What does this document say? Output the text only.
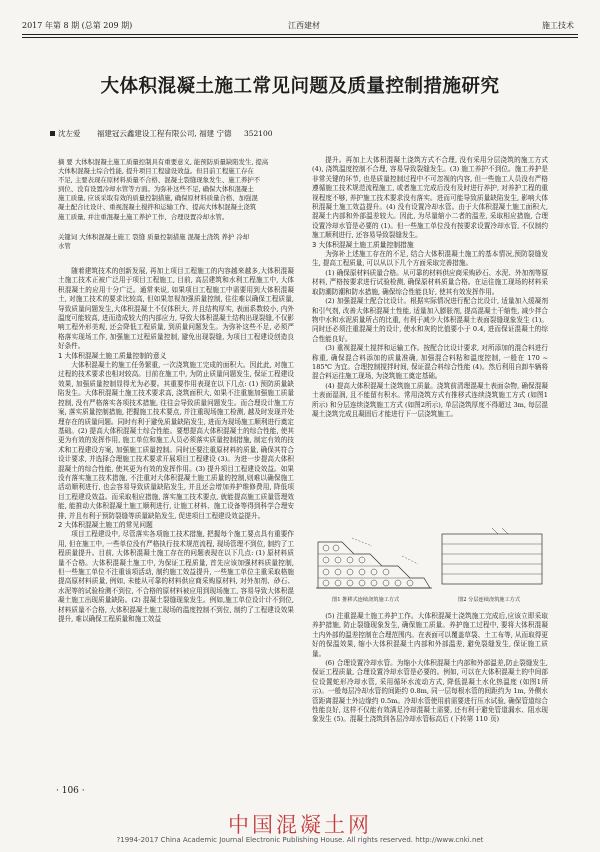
2017 年第 8 期 (总第 209 期)	江西建材	施工技术
大体积混凝土施工常见问题及质量控制措施研究
沈左爱 福建冠云鑫建设工程有限公司, 福建 宁德 352100
摘 要 大体积混凝土施工质量控制具有重要意义, 能预防质量缺陷发生, 提高
大体积混凝土综合性能, 提升项目工程建设效益。但目前工程施工存在
不足, 主要表现在原材料质量不合格、混凝土裂缝现象发生、施工养护不
到位、没有设置冷却水管等方面。为弥补这些不足, 确保大体积混凝土
施工质量, 应该采取有效的质量控制措施, 确保原材料质量合格、加强混
凝土配合比设计、重视混凝土搅拌和运输工作、提高大体积混凝土浇筑
施工质量, 并注重混凝土施工养护工作、合理设置冷却水管。
关键词 大体积混凝土施工 裂缝 质量控制措施 混凝土浇筑 养护 冷却
水管

随着建筑技术的创新发展, 再加上项目工程施工的内容越来越多,大体积混凝土施工技术正被广泛用于项目工程施工, 目前, 高层建筑和水利工程施工中, 大体积混凝土的应用十分广泛。通常来说, 如果项目工程施工中需要用到大体积混凝土, 对施工技术的要求比较高, 但如果忽视加强质量控制, 往往难以确保工程质量, 导致质量问题发生,大体积混凝土不仅体积大, 并且结构厚实, 表面系数较小, 内外温度可能较高, 进而造成较大的内部应力, 导致大体积混凝土结构出现裂缝,不仅影响工程外形美观, 还会降低工程质量, 到质量问题发生。为弥补这些不足, 必须严格落实现场工作, 加强施工过程质量控制, 避免出现裂缝, 为项目工程建设创造良好条件。

1 大体积混凝土施工质量控制的意义

大体积混凝土的施工任务繁重, 一次浇筑施工完成的面积大。因此此, 对施工过程的技术要求也相对较高。目前在施工中, 为防止质量问题发生, 保证工程建设效果, 加强质量控制显得尤为必要。其重要作用表现在以下几点: (1) 预防质量缺陷发生。大体积混凝土施工技术要求高, 浇筑面积大, 如果不注重施加强施工质量控制, 没有严格落实各项技术措施, 往往会导致质量问题发生。而合理设计施工方案, 落实质量控制措施, 把握施工技术要点, 并注重现场施工检测, 越及时发现并处理存在的质量问题。同时有利于避免质量缺陷发生, 进而为现场施工顺利进行奠定基础。(2) 提高大体积混凝土综合性能。要想提高大体积混凝土的综合性能, 使其更为有效的发挥作用, 施工单位和施工人员必须落实质量控制措施, 制定有效的技术和工程建设方案, 加强施工质量控制。同时还要注重原材料的质量, 确保其符合设计要求, 并选择合理施工技术要求开展项目工程建设 (3)。为进一步提高大体积混凝土的综合性能, 使其更为有效的发挥作用。(3) 提升项目工程建设效益。如果没有落实施工技术措施, 不注重对大体积混凝土施工质量的控制,则难以确保施工活动顺利进行, 也会容易导致质量缺陷发生, 并且还会增加养护维修费用, 降低项目工程建设效益。而采取相应措施, 落实施工技术要点, 就能提高施工质量管理效能, 能推动大体积混凝土施工顺利进行, 让施工材料、施工设备等得到科学合理安排, 并且有利于预防裂缝等质量缺陷发生, 促进项目工程建设效益提升。

2 大体积混凝土施工的常见问题

项目工程建设中, 尽管落实各项施工技术措施, 把握每个施工要点具有重要作用, 但在施工中, 一些单位没有严格执行技术规范流程, 现场管理不到位, 制约了工程质量提升。目前, 大体积混凝土施工存在的问题表现在以下几点: (1) 原材料质量不合格。大体积混凝土施工中, 为保证工程质量, 首先应该加强材料质量控制, 但一些施工单位不注重该项活动, 制约施工效益提升, 一些施工单位主重采取格施提高原材料质量, 例如, 未能从可靠的材料供应商采购原材料, 对外加剂、砂石、水泥等的试验检测不到位, 不合格的原材料被应用到现场施工, 容易导致大体积混凝土施工出现质量缺陷。(2) 混凝土裂缝现象发生。例如,施工单位设计计不到位, 材料质量不合格, 大体积混凝土施工现场的温度控制不到位, 制约了工程建设效果提升, 难以确保工程质量和施工效益

提升。再加上大体积混凝土浇筑方式不合理, 没有采用分层浇筑的施工方式 (4), 浇筑温度控制不合理, 容易导致裂缝发生。(3) 施工养护不到位。施工养护是非常关键的环节, 也是质量控制过程中不可忽视的内容, 但一些施工人员没有严格遵循施工技术规范流程施工, 或者施工完成后没有及时进行养护, 对养护工程的重视程度不够, 养护施工技术要求没有落实。进而可能导致质量缺陷发生, 影响大体积混凝土施工效益提升。(4) 没有设置冷却水管。由于大体积混凝土施工面积大, 混凝土内部和外部温差较大。因此, 为尽量缩小二者的温差, 采取相应措施, 合理设置冷却水管是必要的 (1)。但一些施工单位没有按要求设置冷却水管, 不仅制约施工顺利进行, 还容易导致裂缝发生。

3 大体积混凝土施工质量控制措施

为弥补上述施工存在的不足, 结合大体积混凝土施工的基本情况,预防裂缝发生, 提高工程质量, 可以从以下几个方面采取完善措施。

(1) 确保原材料质量合格。从可靠的材料供应商采购砂石、水泥、外加剂等原材料, 严格按要求进行试验检测, 确保原材料质量合格。在运往施工现场的材料采取防潮防潮和防水措施, 确保综合性能良好, 使其有效发挥作用。

(2) 加强混凝土配合比设计。根据实际情况进行配合比设计, 适量加入缓凝剂和引气剂, 改善大体积混凝土性能, 适量加入膨胀剂, 提高混凝土干缩性, 减少拌合物中水和水泥质量所占的比重, 有利于减少大体积混凝土表面裂缝现象发生 (1)。同时还必须注重混凝土的设计, 使水和灰的比值要小于 0.4, 进而保证混凝土的综合性能良好。

(3) 重视混凝土搅拌和运输工作。按配合比设计要求, 对所添加的混合料进行称重, 确保混合料添加的质量准确, 加强混合料粘和温度控制, 一般在 170 ~ 185℃ 为宜。合理控制搅拌时间, 保证混合料综合性能 (4)。然后利用自卸车辆将混合料运往施工现场, 为浇筑施工奠定基础。

(4) 提高大体积混凝土浇筑施工质量。浇筑前清理混凝土表面杂物, 确保混凝土表面湿润, 且不能留有积水。常用浇筑方式有推移式连续浇筑施工方式 (如图1所示) 和分层连续浇筑施工方式 (如图2所示), 单层浇筑厚度不得超过 3m, 每层混凝土浇筑完成且凝固后才能进行下一层浇筑施工。

图1 推移式连续浇筑施工方式	图2 分层连续浇筑施工方式

(5) 注重混凝土施工养护工作。大体积混凝土浇筑施工完成后,应该立即采取养护措施, 防止裂缝现象发生, 确保施工质量。养护施工过程中, 要将大体积混凝土内外部的温差控制在合理范围内。在表面可以覆盖草袋、土工布等, 从而取得更好的保温效果, 缩小大体积混凝土内部和外部温差, 避免裂缝发生, 保证施工质量。

(6) 合理设置冷却水管。为缩小大体积混凝土内部和外部温差,防止裂缝发生, 保证工程质量, 合理设置冷却水管是必要的。例如, 可以在大体积混凝土的中间部位设置蛇形冷却水管, 采用循环水流动方式, 降低混凝土水化热温度 (如图1所示)。一般每层冷却水管的间距约 0.8m, 同一层每根水管的间距约为 1m, 外侧水管距离混凝土外边缘约 0.5m。冷却水管使用前需要进行压水试验, 确保管道综合性能良好, 这样不仅能有效满足冷却混凝土需要, 还有利于避免管道漏水、阻水现象发生 (5)。混凝土浇筑到各层冷却水管标高后 (下转第 110 页)

· 106 ·
中国混凝土网
?1994-2017 China Academic Journal Electronic Publishing House. All rights reserved. http://www.cnki.net
